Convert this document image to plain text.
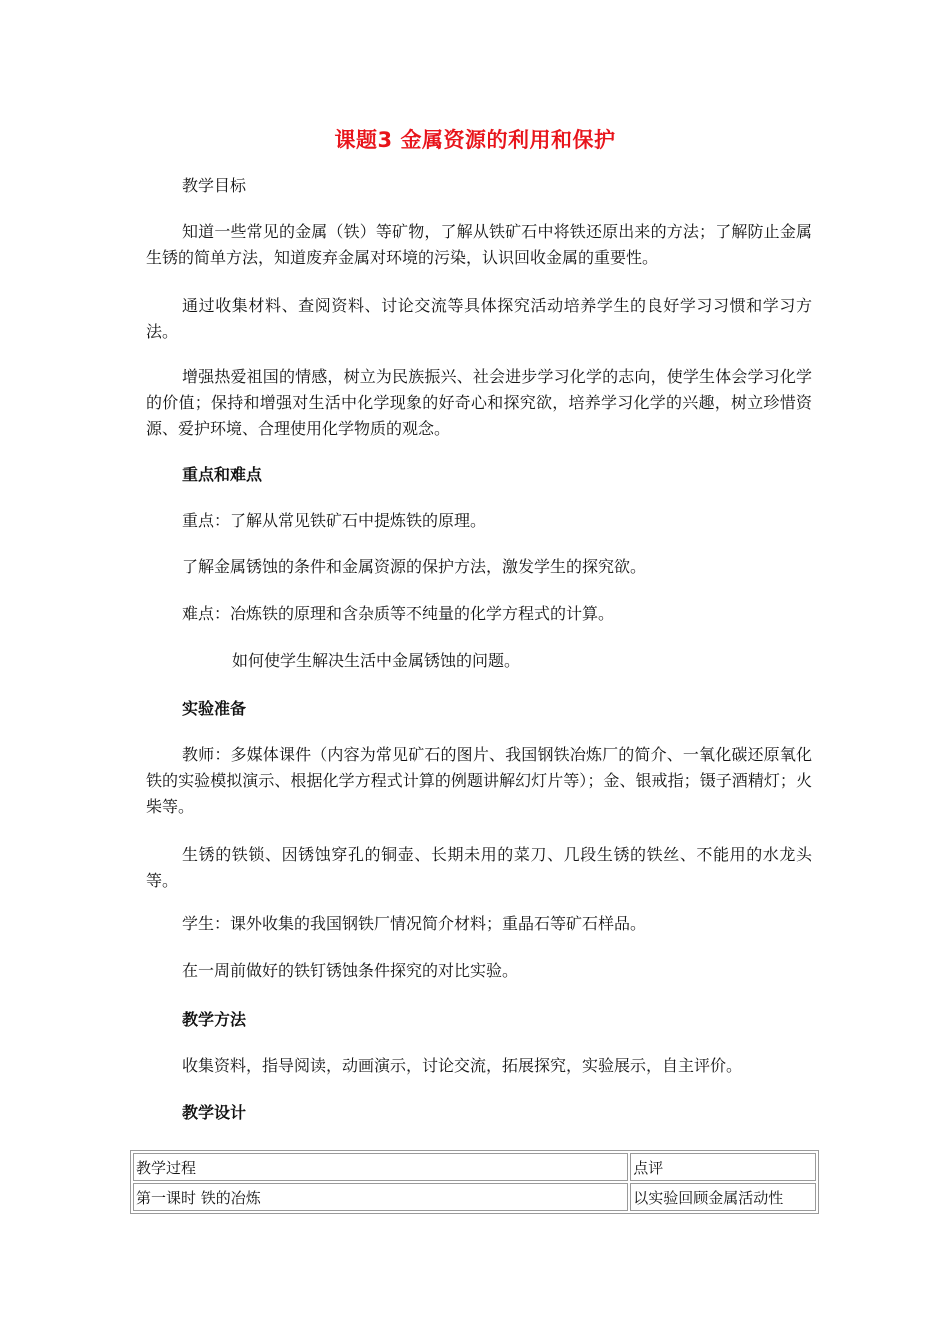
课题3 金属资源的利用和保护
教学目标
知道一些常见的金属（铁）等矿物，了解从铁矿石中将铁还原出来的方法；了解防止金属生锈的简单方法，知道废弃金属对环境的污染，认识回收金属的重要性。
通过收集材料、查阅资料、讨论交流等具体探究活动培养学生的良好学习习惯和学习方法。
增强热爱祖国的情感，树立为民族振兴、社会进步学习化学的志向，使学生体会学习化学的价值；保持和增强对生活中化学现象的好奇心和探究欲，培养学习化学的兴趣，树立珍惜资源、爱护环境、合理使用化学物质的观念。
重点和难点
重点：了解从常见铁矿石中提炼铁的原理。
了解金属锈蚀的条件和金属资源的保护方法，激发学生的探究欲。
难点：冶炼铁的原理和含杂质等不纯量的化学方程式的计算。
如何使学生解决生活中金属锈蚀的问题。
实验准备
教师：多媒体课件（内容为常见矿石的图片、我国钢铁冶炼厂的简介、一氧化碳还原氧化铁的实验模拟演示、根据化学方程式计算的例题讲解幻灯片等）；金、银戒指；镊子酒精灯；火柴等。
生锈的铁锁、因锈蚀穿孔的铜壶、长期未用的菜刀、几段生锈的铁丝、不能用的水龙头等。
学生：课外收集的我国钢铁厂情况简介材料；重晶石等矿石样品。
在一周前做好的铁钉锈蚀条件探究的对比实验。
教学方法
收集资料，指导阅读，动画演示，讨论交流，拓展探究，实验展示，自主评价。
教学设计
教学过程	点评
第一课时 铁的冶炼	以实验回顾金属活动性
